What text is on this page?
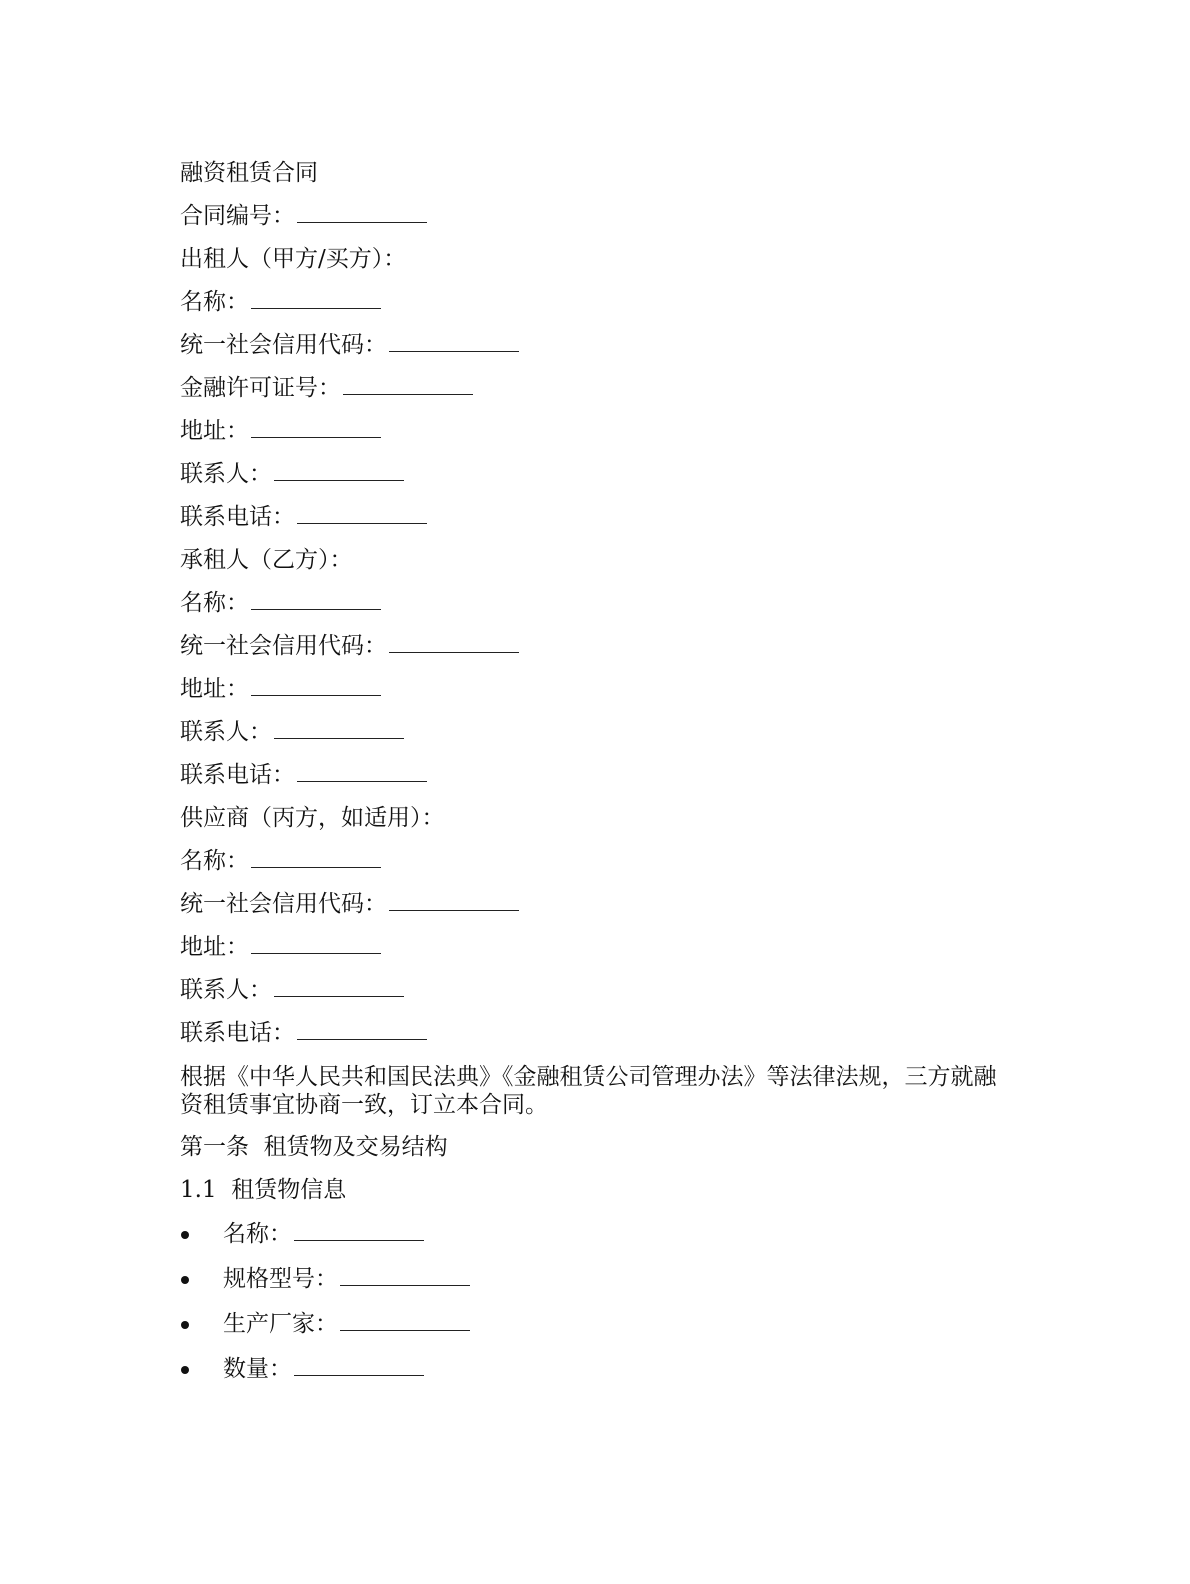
融资租赁合同
合同编号：
出租人（甲方/买方）：
名称：
统一社会信用代码：
金融许可证号：
地址：
联系人：
联系电话：
承租人（乙方）：
名称：
统一社会信用代码：
地址：
联系人：
联系电话：
供应商（丙方，如适用）：
名称：
统一社会信用代码：
地址：
联系人：
联系电话：
根据《中华人民共和国民法典》《金融租赁公司管理办法》等法律法规，三方就融资租赁事宜协商一致，订立本合同。
第一条  租赁物及交易结构
1.1  租赁物信息
名称：
规格型号：
生产厂家：
数量：
